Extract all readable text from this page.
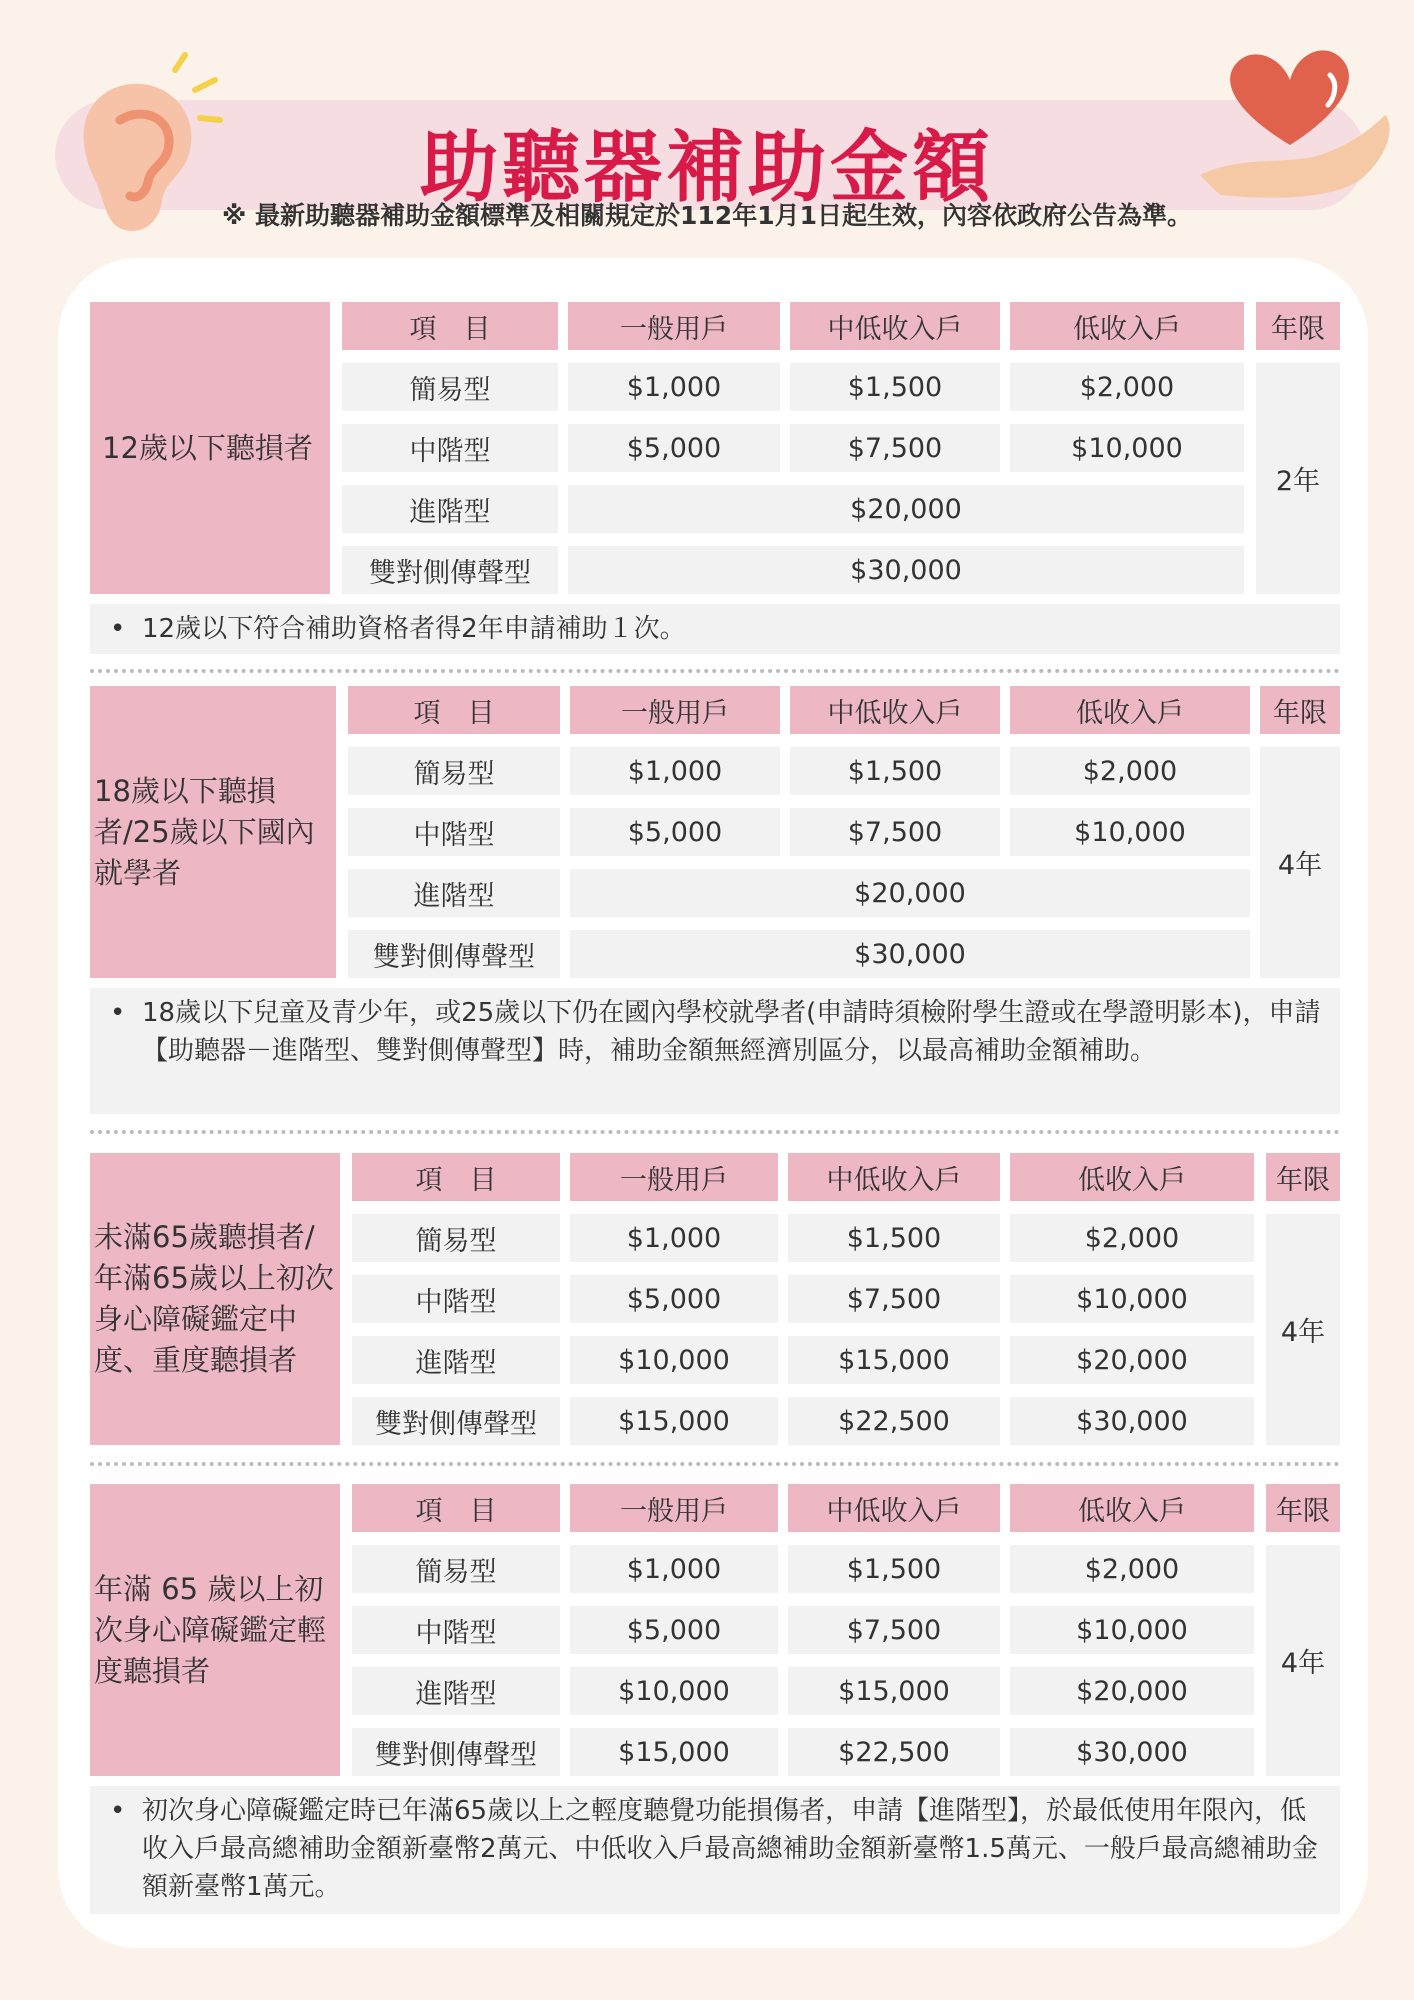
助聽器補助金額
※ 最新助聽器補助金額標準及相關規定於112年1月1日起生效，內容依政府公告為準。
12歲以下聽損者
項　目	一般用戶	中低收入戶	低收入戶	年限
簡易型	$1,000	$1,500	$2,000
中階型	$5,000	$7,500	$10,000
進階型	$20,000
雙對側傳聲型	$30,000
2年
• 12歲以下符合補助資格者得2年申請補助１次。
18歲以下聽損者/25歲以下國內就學者
項　目	一般用戶	中低收入戶	低收入戶	年限
簡易型	$1,000	$1,500	$2,000
中階型	$5,000	$7,500	$10,000
進階型	$20,000
雙對側傳聲型	$30,000
4年
• 18歲以下兒童及青少年，或25歲以下仍在國內學校就學者(申請時須檢附學生證或在學證明影本)，申請【助聽器－進階型、雙對側傳聲型】時，補助金額無經濟別區分，以最高補助金額補助。
未滿65歲聽損者/年滿65歲以上初次身心障礙鑑定中度、重度聽損者
項　目	一般用戶	中低收入戶	低收入戶	年限
簡易型	$1,000	$1,500	$2,000
中階型	$5,000	$7,500	$10,000
進階型	$10,000	$15,000	$20,000
雙對側傳聲型	$15,000	$22,500	$30,000
4年
年滿 65 歲以上初次身心障礙鑑定輕度聽損者
項　目	一般用戶	中低收入戶	低收入戶	年限
簡易型	$1,000	$1,500	$2,000
中階型	$5,000	$7,500	$10,000
進階型	$10,000	$15,000	$20,000
雙對側傳聲型	$15,000	$22,500	$30,000
4年
• 初次身心障礙鑑定時已年滿65歲以上之輕度聽覺功能損傷者，申請【進階型】，於最低使用年限內，低收入戶最高總補助金額新臺幣2萬元、中低收入戶最高總補助金額新臺幣1.5萬元、一般戶最高總補助金額新臺幣1萬元。
